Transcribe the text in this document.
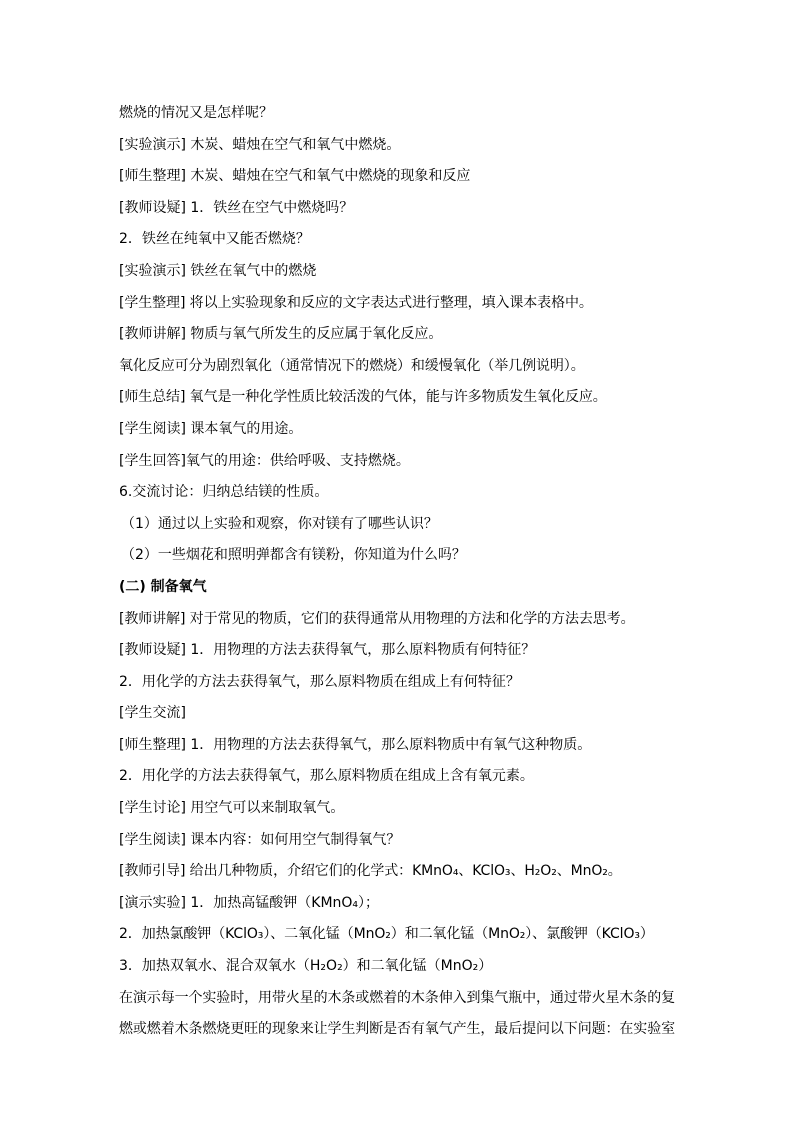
燃烧的情况又是怎样呢？
[实验演示] 木炭、蜡烛在空气和氧气中燃烧。
[师生整理] 木炭、蜡烛在空气和氧气中燃烧的现象和反应
[教师设疑] 1．铁丝在空气中燃烧吗？
2．铁丝在纯氧中又能否燃烧？
[实验演示] 铁丝在氧气中的燃烧
[学生整理] 将以上实验现象和反应的文字表达式进行整理，填入课本表格中。
[教师讲解] 物质与氧气所发生的反应属于氧化反应。
氧化反应可分为剧烈氧化（通常情况下的燃烧）和缓慢氧化（举几例说明）。
[师生总结] 氧气是一种化学性质比较活泼的气体，能与许多物质发生氧化反应。
[学生阅读] 课本氧气的用途。
[学生回答]氧气的用途：供给呼吸、支持燃烧。
6.交流讨论：归纳总结镁的性质。
（1）通过以上实验和观察，你对镁有了哪些认识？
（2）一些烟花和照明弹都含有镁粉，你知道为什么吗？
(二) 制备氧气
[教师讲解] 对于常见的物质，它们的获得通常从用物理的方法和化学的方法去思考。
[教师设疑] 1．用物理的方法去获得氧气，那么原料物质有何特征？
2．用化学的方法去获得氧气，那么原料物质在组成上有何特征？
[学生交流]
[师生整理] 1．用物理的方法去获得氧气，那么原料物质中有氧气这种物质。
2．用化学的方法去获得氧气，那么原料物质在组成上含有氧元素。
[学生讨论] 用空气可以来制取氧气。
[学生阅读] 课本内容：如何用空气制得氧气？
[教师引导] 给出几种物质，介绍它们的化学式：KMnO₄、KClO₃、H₂O₂、MnO₂。
[演示实验] 1．加热高锰酸钾（KMnO₄）；
2．加热氯酸钾（KClO₃）、二氧化锰（MnO₂）和二氧化锰（MnO₂）、氯酸钾（KClO₃）
3．加热双氧水、混合双氧水（H₂O₂）和二氧化锰（MnO₂）
在演示每一个实验时，用带火星的木条或燃着的木条伸入到集气瓶中，通过带火星木条的复
燃或燃着木条燃烧更旺的现象来让学生判断是否有氧气产生，最后提问以下问题：在实验室
